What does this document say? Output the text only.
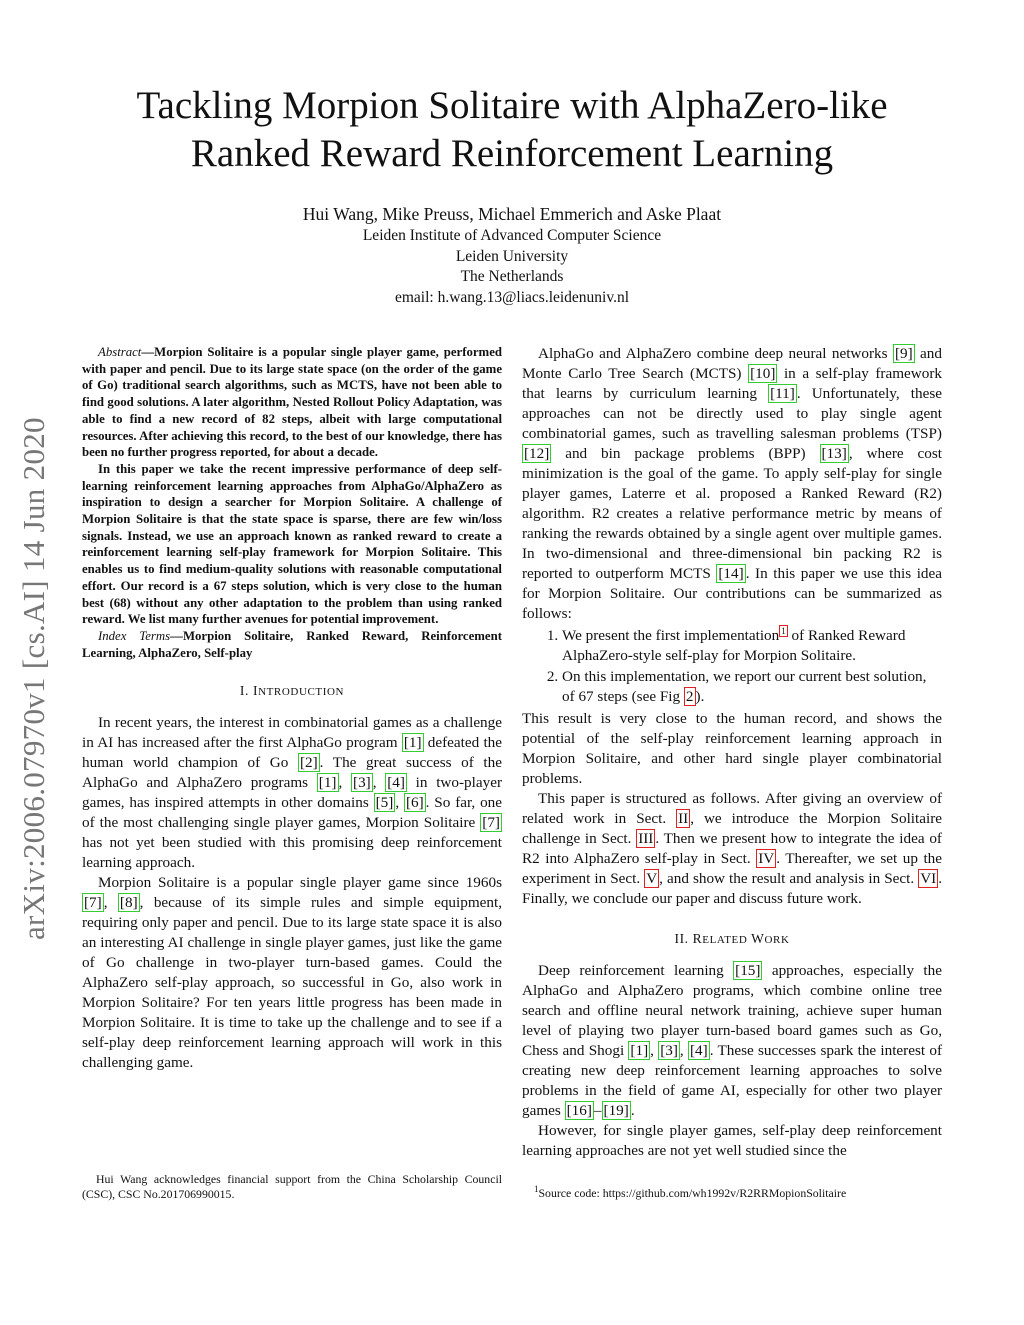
arXiv:2006.07970v1 [cs.AI] 14 Jun 2020
Tackling Morpion Solitaire with AlphaZero-like
Ranked Reward Reinforcement Learning
Hui Wang, Mike Preuss, Michael Emmerich and Aske Plaat
Leiden Institute of Advanced Computer Science
Leiden University
The Netherlands
email: h.wang.13@liacs.leidenuniv.nl

Abstract—Morpion Solitaire is a popular single player game, performed with paper and pencil. Due to its large state space (on the order of the game of Go) traditional search algorithms, such as MCTS, have not been able to find good solutions. A later algorithm, Nested Rollout Policy Adaptation, was able to find a new record of 82 steps, albeit with large computational resources. After achieving this record, to the best of our knowledge, there has been no further progress reported, for about a decade.

In this paper we take the recent impressive performance of deep self-learning reinforcement learning approaches from AlphaGo/AlphaZero as inspiration to design a searcher for Morpion Solitaire. A challenge of Morpion Solitaire is that the state space is sparse, there are few win/loss signals. Instead, we use an approach known as ranked reward to create a reinforcement learning self-play framework for Morpion Solitaire. This enables us to find medium-quality solutions with reasonable computational effort. Our record is a 67 steps solution, which is very close to the human best (68) without any other adaptation to the problem than using ranked reward. We list many further avenues for potential improvement.

Index Terms—Morpion Solitaire, Ranked Reward, Reinforcement Learning, AlphaZero, Self-play

I. INTRODUCTION

In recent years, the interest in combinatorial games as a challenge in AI has increased after the first AlphaGo program [1] defeated the human world champion of Go [2] . The great success of the AlphaGo and AlphaZero programs [1] , [3] , [4] in two-player games, has inspired attempts in other domains [5] , [6] . So far, one of the most challenging single player games, Morpion Solitaire [7] has not yet been studied with this promising deep reinforcement learning approach.

Morpion Solitaire is a popular single player game since 1960s [7] , [8] , because of its simple rules and simple equipment, requiring only paper and pencil. Due to its large state space it is also an interesting AI challenge in single player games, just like the game of Go challenge in two-player turn-based games. Could the AlphaZero self-play approach, so successful in Go, also work in Morpion Solitaire? For ten years little progress has been made in Morpion Solitaire. It is time to take up the challenge and to see if a self-play deep reinforcement learning approach will work in this challenging game.

AlphaGo and AlphaZero combine deep neural networks [9] and Monte Carlo Tree Search (MCTS) [10] in a self-play framework that learns by curriculum learning [11] . Unfortunately, these approaches can not be directly used to play single agent combinatorial games, such as travelling salesman problems (TSP) [12] and bin package problems (BPP) [13] , where cost minimization is the goal of the game. To apply self-play for single player games, Laterre et al. proposed a Ranked Reward (R2) algorithm. R2 creates a relative performance metric by means of ranking the rewards obtained by a single agent over multiple games. In two-dimensional and three-dimensional bin packing R2 is reported to outperform MCTS [14] . In this paper we use this idea for Morpion Solitaire. Our contributions can be summarized as follows:

1. We present the first implementation $^1$ of Ranked Reward AlphaZero-style self-play for Morpion Solitaire.
2. On this implementation, we report our current best solution, of 67 steps (see Fig 2 ).

This result is very close to the human record, and shows the potential of the self-play reinforcement learning approach in Morpion Solitaire, and other hard single player combinatorial problems.

This paper is structured as follows. After giving an overview of related work in Sect. II , we introduce the Morpion Solitaire challenge in Sect. III . Then we present how to integrate the idea of R2 into AlphaZero self-play in Sect. IV . Thereafter, we set up the experiment in Sect. V , and show the result and analysis in Sect. VI . Finally, we conclude our paper and discuss future work.

II. RELATED WORK

Deep reinforcement learning [15] approaches, especially the AlphaGo and AlphaZero programs, which combine online tree search and offline neural network training, achieve super human level of playing two player turn-based board games such as Go, Chess and Shogi [1] , [3] , [4] . These successes spark the interest of creating new deep reinforcement learning approaches to solve problems in the field of game AI, especially for other two player games [16] – [19] .

However, for single player games, self-play deep reinforcement learning approaches are not yet well studied since the

Hui Wang acknowledges financial support from the China Scholarship Council (CSC), CSC No.201706990015.	$^1$Source code: https://github.com/wh1992v/R2RRMopionSolitaire
